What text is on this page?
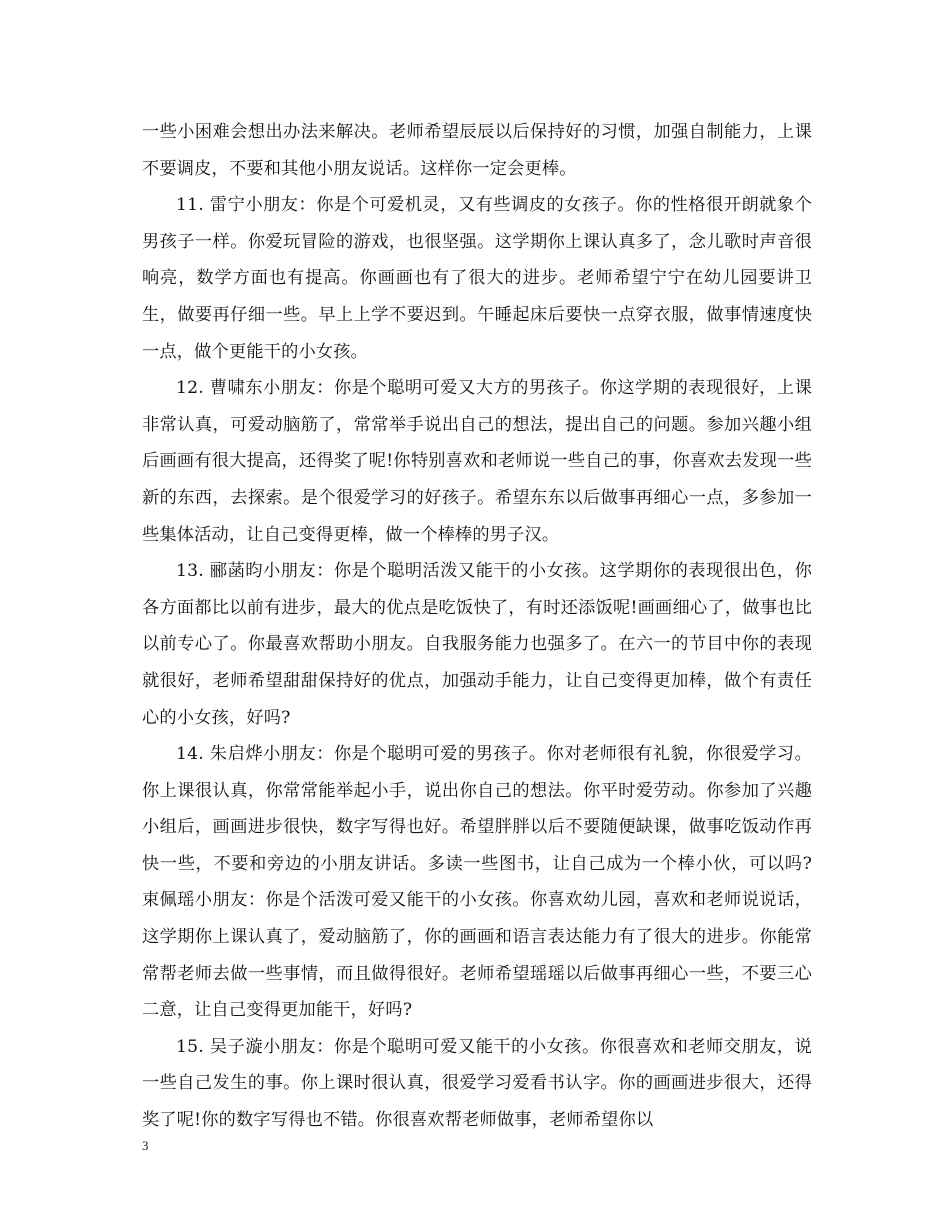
一些小困难会想出办法来解决。老师希望辰辰以后保持好的习惯，加强自制能力，上课不要调皮，不要和其他小朋友说话。这样你一定会更棒。

11. 雷宁小朋友：你是个可爱机灵，又有些调皮的女孩子。你的性格很开朗就象个男孩子一样。你爱玩冒险的游戏，也很坚强。这学期你上课认真多了，念儿歌时声音很响亮，数学方面也有提高。你画画也有了很大的进步。老师希望宁宁在幼儿园要讲卫生，做要再仔细一些。早上上学不要迟到。午睡起床后要快一点穿衣服，做事情速度快一点，做个更能干的小女孩。

12. 曹啸东小朋友：你是个聪明可爱又大方的男孩子。你这学期的表现很好，上课非常认真，可爱动脑筋了，常常举手说出自己的想法，提出自己的问题。参加兴趣小组后画画有很大提高，还得奖了呢!你特别喜欢和老师说一些自己的事，你喜欢去发现一些新的东西，去探索。是个很爱学习的好孩子。希望东东以后做事再细心一点，多参加一些集体活动，让自己变得更棒，做一个棒棒的男子汉。

13. 郦菡昀小朋友：你是个聪明活泼又能干的小女孩。这学期你的表现很出色，你各方面都比以前有进步，最大的优点是吃饭快了，有时还添饭呢!画画细心了，做事也比以前专心了。你最喜欢帮助小朋友。自我服务能力也强多了。在六一的节目中你的表现就很好，老师希望甜甜保持好的优点，加强动手能力，让自己变得更加棒，做个有责任心的小女孩，好吗?

14. 朱启烨小朋友：你是个聪明可爱的男孩子。你对老师很有礼貌，你很爱学习。你上课很认真，你常常能举起小手，说出你自己的想法。你平时爱劳动。你参加了兴趣小组后，画画进步很快，数字写得也好。希望胖胖以后不要随便缺课，做事吃饭动作再快一些，不要和旁边的小朋友讲话。多读一些图书，让自己成为一个棒小伙，可以吗?束佩瑶小朋友：你是个活泼可爱又能干的小女孩。你喜欢幼儿园，喜欢和老师说说话，这学期你上课认真了，爱动脑筋了，你的画画和语言表达能力有了很大的进步。你能常常帮老师去做一些事情，而且做得很好。老师希望瑶瑶以后做事再细心一些，不要三心二意，让自己变得更加能干，好吗?

15. 吴子漩小朋友：你是个聪明可爱又能干的小女孩。你很喜欢和老师交朋友，说一些自己发生的事。你上课时很认真，很爱学习爱看书认字。你的画画进步很大，还得奖了呢!你的数字写得也不错。你很喜欢帮老师做事，老师希望你以

3
